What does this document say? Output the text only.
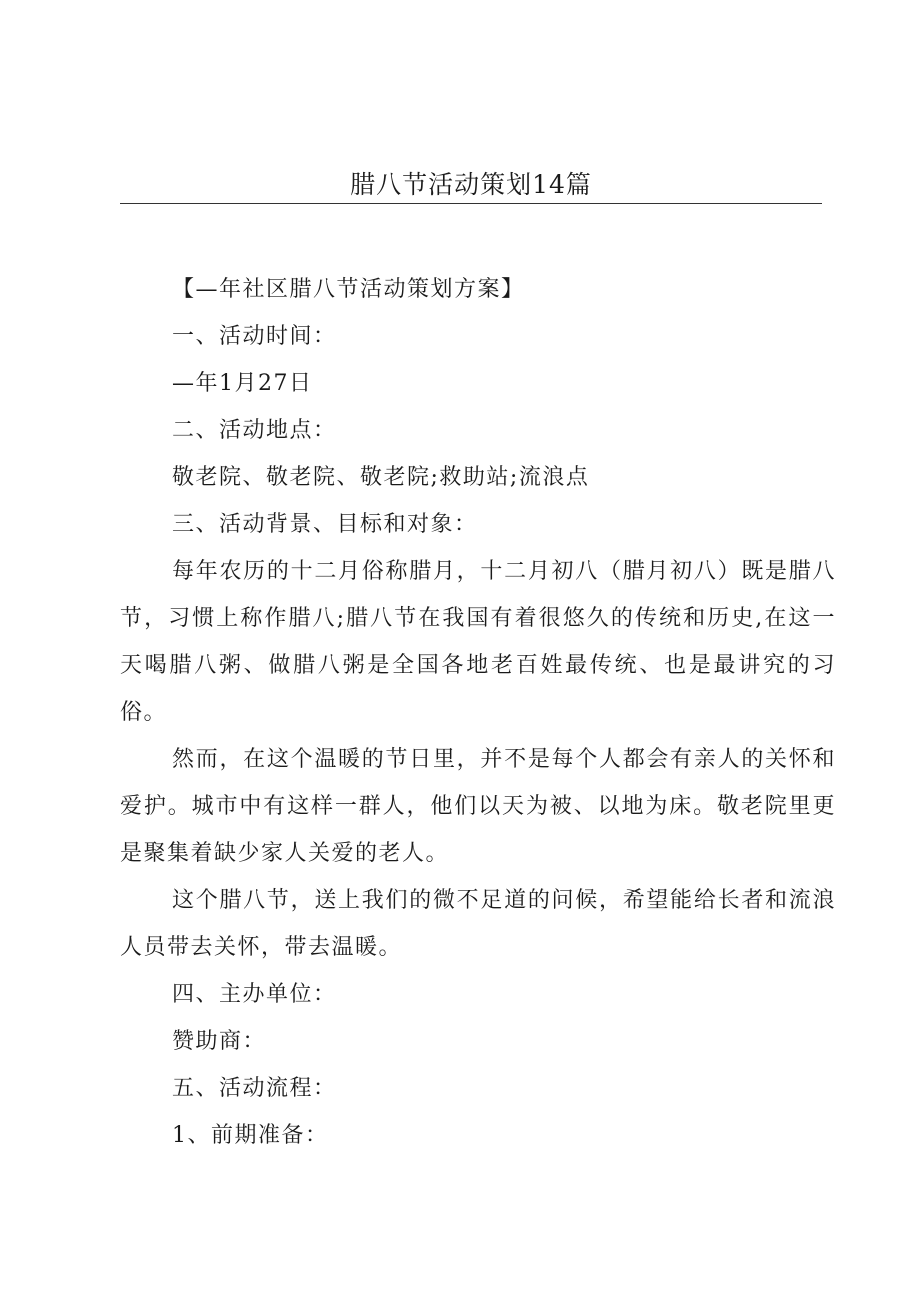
腊八节活动策划14篇
【—年社区腊八节活动策划方案】
一、活动时间：
—年1月27日
二、活动地点：
敬老院、敬老院、敬老院;救助站;流浪点
三、活动背景、目标和对象：
每年农历的十二月俗称腊月，十二月初八（腊月初八）既是腊八节，习惯上称作腊八;腊八节在我国有着很悠久的传统和历史,在这一天喝腊八粥、做腊八粥是全国各地老百姓最传统、也是最讲究的习俗。
然而，在这个温暖的节日里，并不是每个人都会有亲人的关怀和爱护。城市中有这样一群人，他们以天为被、以地为床。敬老院里更是聚集着缺少家人关爱的老人。
这个腊八节，送上我们的微不足道的问候，希望能给长者和流浪人员带去关怀，带去温暖。
四、主办单位：
赞助商：
五、活动流程：
1、前期准备：
